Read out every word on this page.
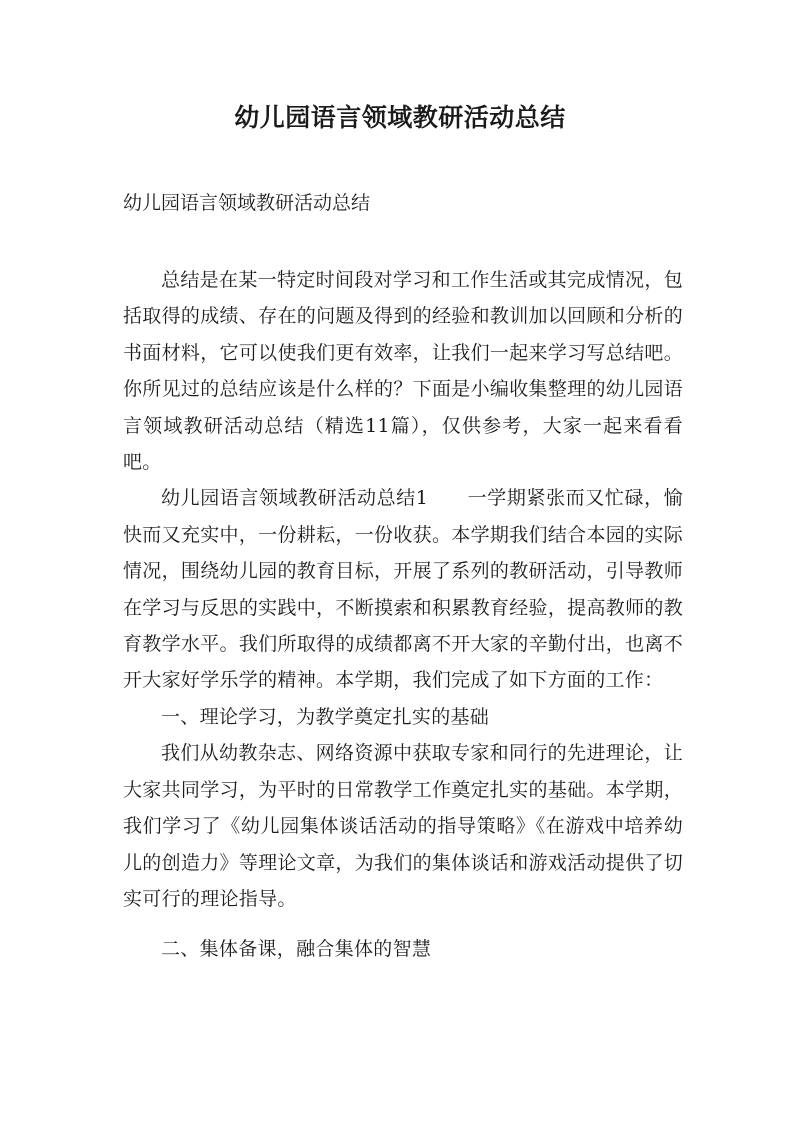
幼儿园语言领域教研活动总结

幼儿园语言领域教研活动总结

总结是在某一特定时间段对学习和工作生活或其完成情况，包括取得的成绩、存在的问题及得到的经验和教训加以回顾和分析的书面材料，它可以使我们更有效率，让我们一起来学习写总结吧。你所见过的总结应该是什么样的？下面是小编收集整理的幼儿园语言领域教研活动总结（精选11篇），仅供参考，大家一起来看看吧。

幼儿园语言领域教研活动总结1　　一学期紧张而又忙碌，愉快而又充实中，一份耕耘，一份收获。本学期我们结合本园的实际情况，围绕幼儿园的教育目标，开展了系列的教研活动，引导教师在学习与反思的实践中，不断摸索和积累教育经验，提高教师的教育教学水平。我们所取得的成绩都离不开大家的辛勤付出，也离不开大家好学乐学的精神。本学期，我们完成了如下方面的工作：

一、理论学习，为教学奠定扎实的基础

我们从幼教杂志、网络资源中获取专家和同行的先进理论，让大家共同学习，为平时的日常教学工作奠定扎实的基础。本学期，我们学习了《幼儿园集体谈话活动的指导策略》《在游戏中培养幼儿的创造力》等理论文章，为我们的集体谈话和游戏活动提供了切实可行的理论指导。

二、集体备课，融合集体的智慧
